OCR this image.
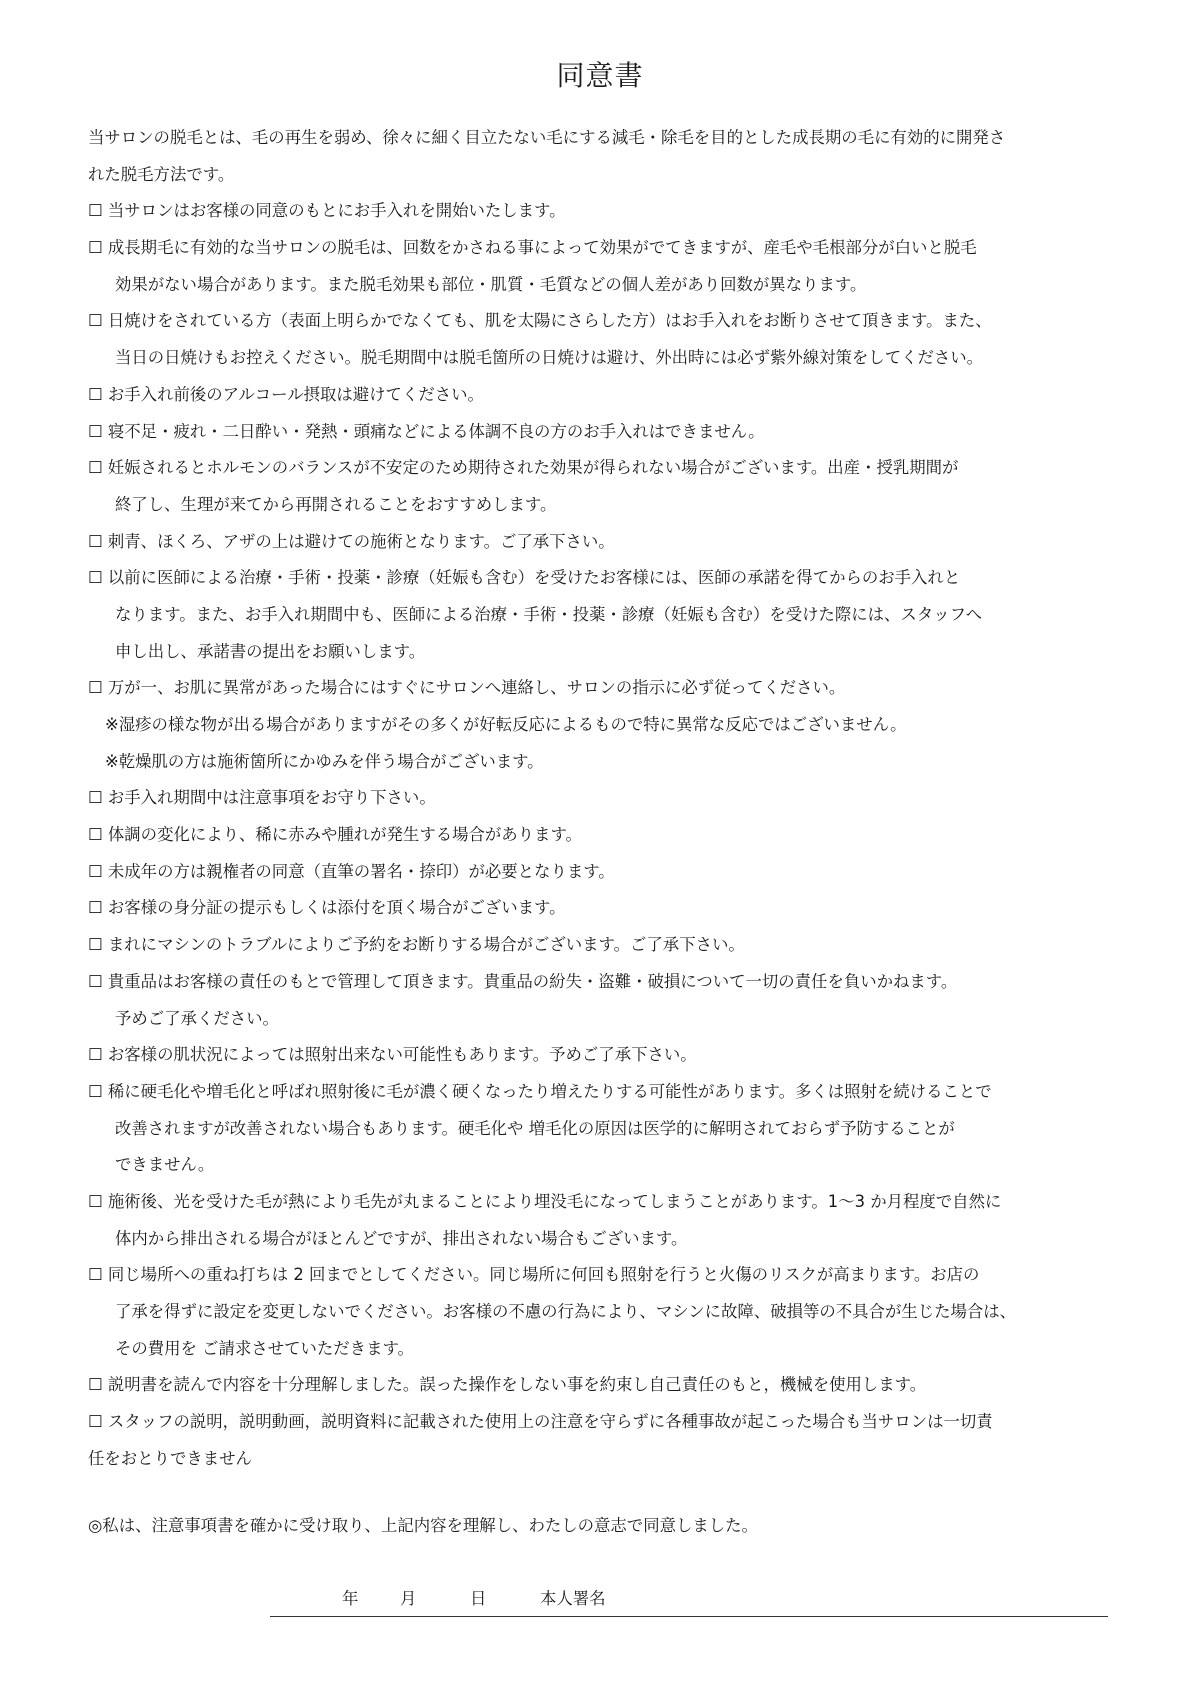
同意書
当サロンの脱毛とは、毛の再生を弱め、徐々に細く目立たない毛にする減毛・除毛を目的とした成長期の毛に有効的に開発さ
れた脱毛方法です。
☐ 当サロンはお客様の同意のもとにお手入れを開始いたします。
☐ 成長期毛に有効的な当サロンの脱毛は、回数をかさねる事によって効果がでてきますが、産毛や毛根部分が白いと脱毛
効果がない場合があります。また脱毛効果も部位・肌質・毛質などの個人差があり回数が異なります。
☐ 日焼けをされている方（表面上明らかでなくても、肌を太陽にさらした方）はお手入れをお断りさせて頂きます。また、
当日の日焼けもお控えください。脱毛期間中は脱毛箇所の日焼けは避け、外出時には必ず紫外線対策をしてください。
☐ お手入れ前後のアルコール摂取は避けてください。
☐ 寝不足・疲れ・二日酔い・発熱・頭痛などによる体調不良の方のお手入れはできません。
☐ 妊娠されるとホルモンのバランスが不安定のため期待された効果が得られない場合がございます。出産・授乳期間が
終了し、生理が来てから再開されることをおすすめします。
☐ 刺青、ほくろ、アザの上は避けての施術となります。ご了承下さい。
☐ 以前に医師による治療・手術・投薬・診療（妊娠も含む）を受けたお客様には、医師の承諾を得てからのお手入れと
なります。また、お手入れ期間中も、医師による治療・手術・投薬・診療（妊娠も含む）を受けた際には、スタッフへ
申し出し、承諾書の提出をお願いします。
☐ 万が一、お肌に異常があった場合にはすぐにサロンへ連絡し、サロンの指示に必ず従ってください。
※湿疹の様な物が出る場合がありますがその多くが好転反応によるもので特に異常な反応ではございません。
※乾燥肌の方は施術箇所にかゆみを伴う場合がございます。
☐ お手入れ期間中は注意事項をお守り下さい。
☐ 体調の変化により、稀に赤みや腫れが発生する場合があります。
☐ 未成年の方は親権者の同意（直筆の署名・捺印）が必要となります。
☐ お客様の身分証の提示もしくは添付を頂く場合がございます。
☐ まれにマシンのトラブルによりご予約をお断りする場合がございます。ご了承下さい。
☐ 貴重品はお客様の責任のもとで管理して頂きます。貴重品の紛失・盗難・破損について一切の責任を負いかねます。
予めご了承ください。
☐ お客様の肌状況によっては照射出来ない可能性もあります。予めご了承下さい。
☐ 稀に硬毛化や増毛化と呼ばれ照射後に毛が濃く硬くなったり増えたりする可能性があります。多くは照射を続けることで
改善されますが改善されない場合もあります。硬毛化や 増毛化の原因は医学的に解明されておらず予防することが
できません。
☐ 施術後、光を受けた毛が熱により毛先が丸まることにより埋没毛になってしまうことがあります。1〜3 か月程度で自然に
体内から排出される場合がほとんどですが、排出されない場合もございます。
☐ 同じ場所への重ね打ちは 2 回までとしてください。同じ場所に何回も照射を行うと火傷のリスクが高まります。お店の
了承を得ずに設定を変更しないでください。お客様の不慮の行為により、マシンに故障、破損等の不具合が生じた場合は、
その費用を ご請求させていただきます。
☐ 説明書を読んで内容を十分理解しました。誤った操作をしない事を約束し自己責任のもと，機械を使用します。
☐ スタッフの説明，説明動画，説明資料に記載された使用上の注意を守らずに各種事故が起こった場合も当サロンは一切責
任をおとりできません
◎私は、注意事項書を確かに受け取り、上記内容を理解し、わたしの意志で同意しました。
年	月	日	本人署名
